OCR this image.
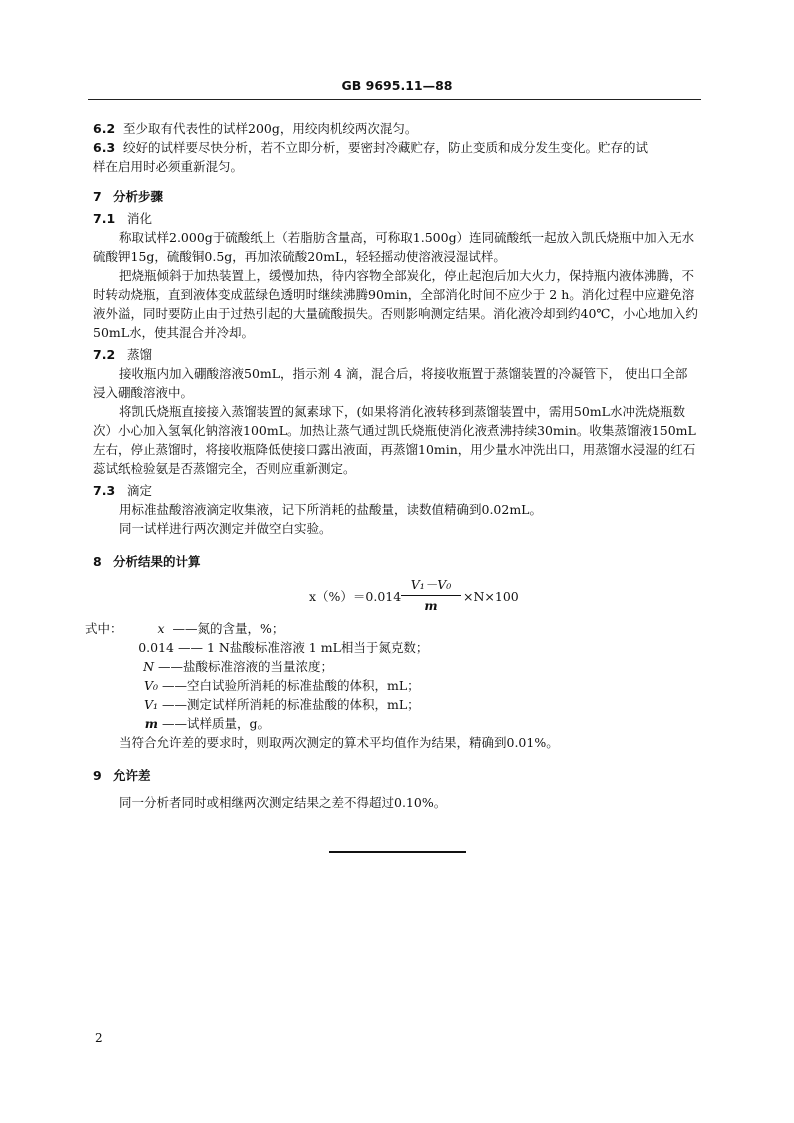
GB 9695.11—88

6.2 至少取有代表性的试样200g，用绞肉机绞两次混匀。

6.3 绞好的试样要尽快分析，若不立即分析，要密封冷藏贮存，防止变质和成分发生变化。贮存的试

样在启用时必须重新混匀。

7 分析步骤

7.1 消化

称取试样2.000g于硫酸纸上（若脂肪含量高，可称取1.500g）连同硫酸纸一起放入凯氏烧瓶中加入无水硫酸钾15g，硫酸铜0.5g，再加浓硫酸20mL，轻轻摇动使溶液浸湿试样。

把烧瓶倾斜于加热装置上，缓慢加热，待内容物全部炭化，停止起泡后加大火力，保持瓶内液体沸腾，不时转动烧瓶，直到液体变成蓝绿色透明时继续沸腾90min，全部消化时间不应少于 2 h。消化过程中应避免溶液外溢，同时要防止由于过热引起的大量硫酸损失。否则影响测定结果。消化液冷却到约40℃，小心地加入约50mL水，使其混合并冷却。

7.2 蒸馏

接收瓶内加入硼酸溶液50mL，指示剂 4 滴，混合后，将接收瓶置于蒸馏装置的冷凝管下， 使出口全部浸入硼酸溶液中。

将凯氏烧瓶直接接入蒸馏装置的氮素球下，(如果将消化液转移到蒸馏装置中，需用50mL水冲洗烧瓶数次）小心加入氢氧化钠溶液100mL。加热让蒸气通过凯氏烧瓶使消化液煮沸持续30min。收集蒸馏液150mL左右，停止蒸馏时，将接收瓶降低使接口露出液面，再蒸馏10min，用少量水冲洗出口，用蒸馏水浸湿的红石蕊试纸检验氨是否蒸馏完全，否则应重新测定。

7.3 滴定

用标准盐酸溶液滴定收集液，记下所消耗的盐酸量，读数值精确到0.02mL。

同一试样进行两次测定并做空白实验。

8 分析结果的计算

$x(\%)=0.014 \frac{\text{V₁－V₀}}{m} \times N\times 100$

式中：	x ——氮的含量，%；

0.014 —— 1 N盐酸标准溶液 1 mL相当于氮克数；

N ——盐酸标准溶液的当量浓度；

V₀ ——空白试验所消耗的标准盐酸的体积，mL；

V₁ ——测定试样所消耗的标准盐酸的体积，mL；

m ——试样质量，g。

当符合允许差的要求时，则取两次测定的算术平均值作为结果，精确到0.01%。

9 允许差

同一分析者同时或相继两次测定结果之差不得超过0.10%。

2
